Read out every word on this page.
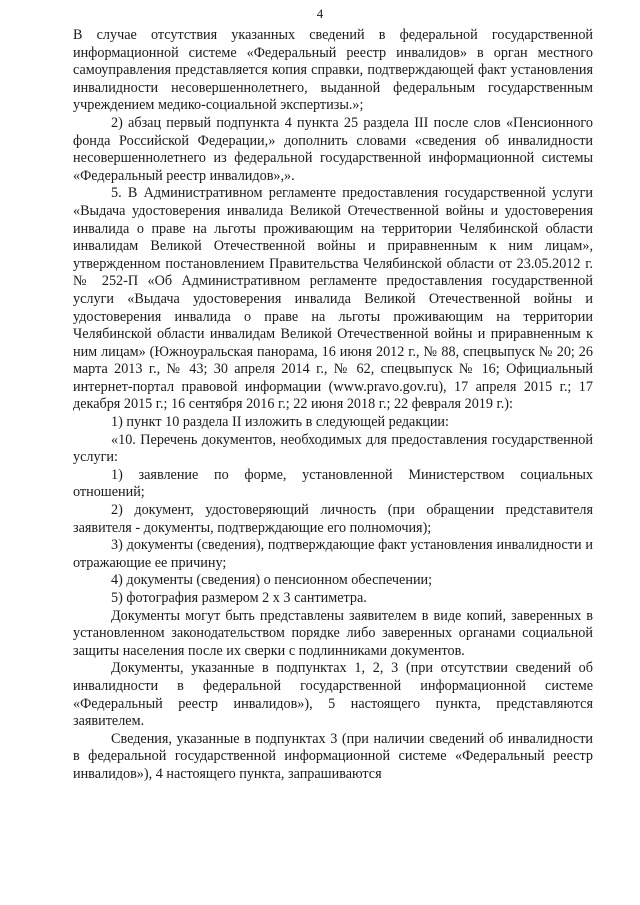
4

В случае отсутствия указанных сведений в федеральной государственной информационной системе «Федеральный реестр инвалидов» в орган местного самоуправления представляется копия справки, подтверждающей факт установления инвалидности несовершеннолетнего, выданной федеральным государственным учреждением медико-социальной экспертизы.»;

2) абзац первый подпункта 4 пункта 25 раздела III после слов «Пенсионного фонда Российской Федерации,» дополнить словами «сведения об инвалидности несовершеннолетнего из федеральной государственной информационной системы «Федеральный реестр инвалидов»,».

5. В Административном регламенте предоставления государственной услуги «Выдача удостоверения инвалида Великой Отечественной войны и удостоверения инвалида о праве на льготы проживающим на территории Челябинской области инвалидам Великой Отечественной войны и приравненным к ним лицам», утвержденном постановлением Правительства Челябинской области от 23.05.2012 г. № 252-П «Об Административном регламенте предоставления государственной услуги «Выдача удостоверения инвалида Великой Отечественной войны и удостоверения инвалида о праве на льготы проживающим на территории Челябинской области инвалидам Великой Отечественной войны и приравненным к ним лицам» (Южноуральская панорама, 16 июня 2012 г., № 88, спецвыпуск № 20; 26 марта 2013 г., № 43; 30 апреля 2014 г., № 62, спецвыпуск № 16; Официальный интернет-портал правовой информации (www.pravo.gov.ru), 17 апреля 2015 г.; 17 декабря 2015 г.; 16 сентября 2016 г.; 22 июня 2018 г.; 22 февраля 2019 г.):

1) пункт 10 раздела II изложить в следующей редакции:

«10. Перечень документов, необходимых для предоставления государственной услуги:

1) заявление по форме, установленной Министерством социальных отношений;

2) документ, удостоверяющий личность (при обращении представителя заявителя - документы, подтверждающие его полномочия);

3) документы (сведения), подтверждающие факт установления инвалидности и отражающие ее причину;

4) документы (сведения) о пенсионном обеспечении;

5) фотография размером 2 х 3 сантиметра.

Документы могут быть представлены заявителем в виде копий, заверенных в установленном законодательством порядке либо заверенных органами социальной защиты населения после их сверки с подлинниками документов.

Документы, указанные в подпунктах 1, 2, 3 (при отсутствии сведений об инвалидности в федеральной государственной информационной системе «Федеральный реестр инвалидов»), 5 настоящего пункта, представляются заявителем.

Сведения, указанные в подпунктах 3 (при наличии сведений об инвалидности в федеральной государственной информационной системе «Федеральный реестр инвалидов»), 4 настоящего пункта, запрашиваются
